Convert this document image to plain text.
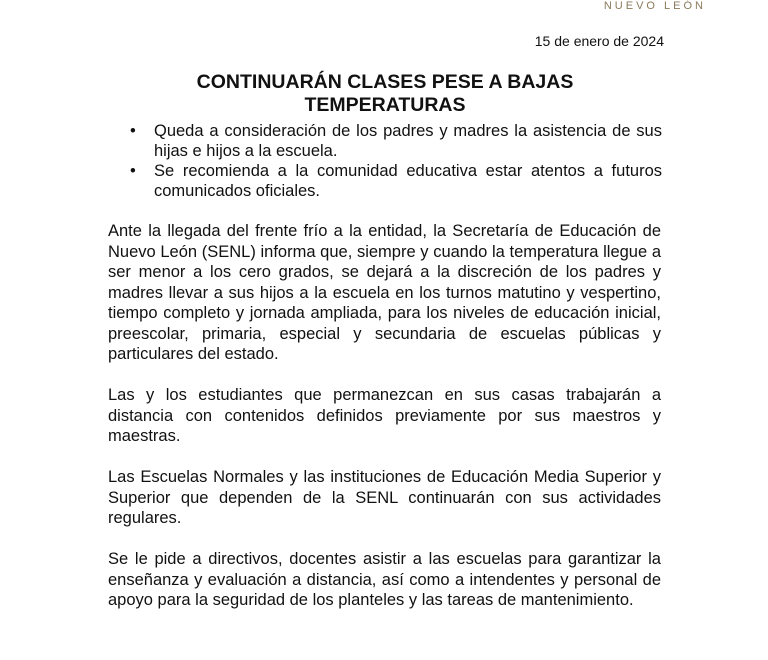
NUEVO LEÓN
15 de enero de 2024
CONTINUARÁN CLASES PESE A BAJAS
TEMPERATURAS
• Queda a consideración de los padres y madres la asistencia de sus hijas e hijos a la escuela.
• Se recomienda a la comunidad educativa estar atentos a futuros comunicados oficiales.

Ante la llegada del frente frío a la entidad, la Secretaría de Educación de Nuevo León (SENL) informa que, siempre y cuando la temperatura llegue a ser menor a los cero grados, se dejará a la discreción de los padres y madres llevar a sus hijos a la escuela en los turnos matutino y vespertino, tiempo completo y jornada ampliada, para los niveles de educación inicial, preescolar, primaria, especial y secundaria de escuelas públicas y particulares del estado.

Las y los estudiantes que permanezcan en sus casas trabajarán a distancia con contenidos definidos previamente por sus maestros y maestras.

Las Escuelas Normales y las instituciones de Educación Media Superior y Superior que dependen de la SENL continuarán con sus actividades regulares.

Se le pide a directivos, docentes asistir a las escuelas para garantizar la enseñanza y evaluación a distancia, así como a intendentes y personal de apoyo para la seguridad de los planteles y las tareas de mantenimiento.
